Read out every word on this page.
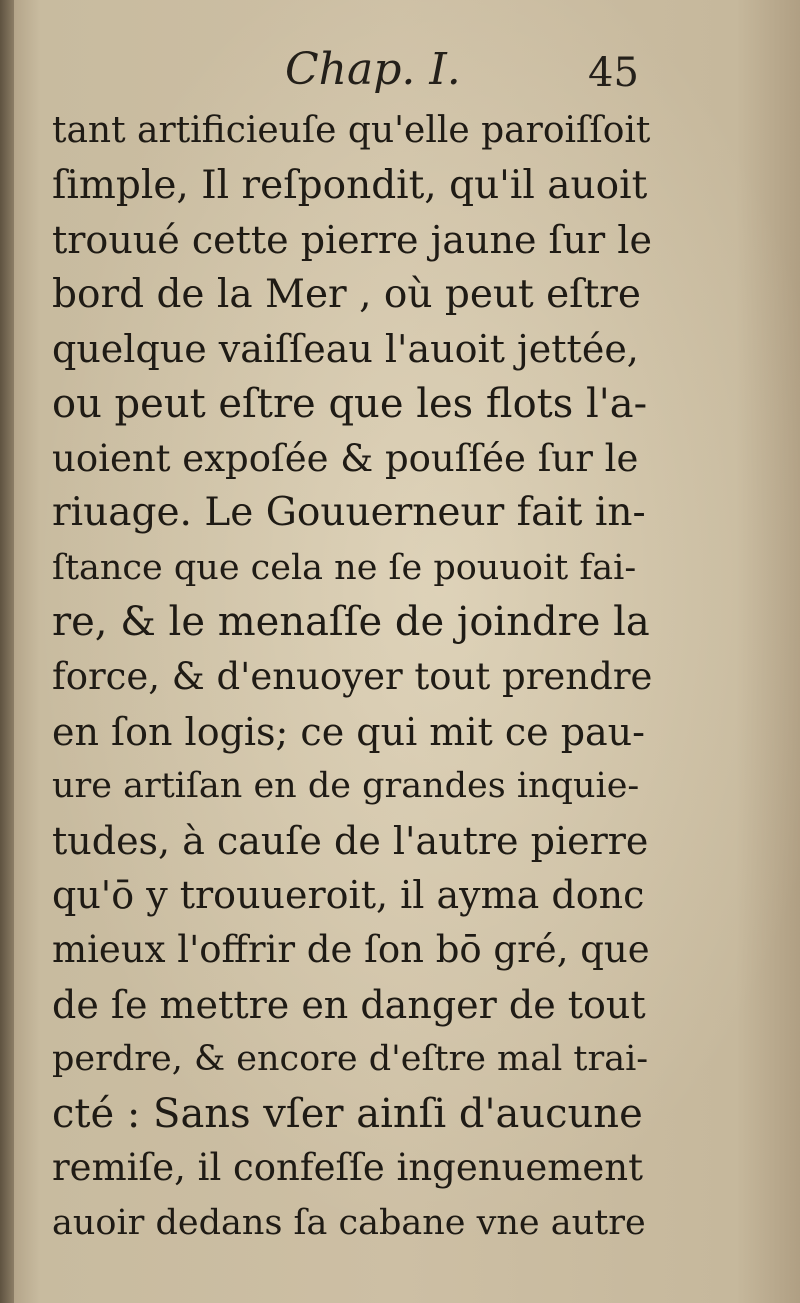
Chap. I.	45
tant artificieuſe qu'elle paroiſſoit
ſimple, Il reſpondit, qu'il auoit
trouué cette pierre jaune ſur le
bord de la Mer , où peut eſtre
quelque vaiſſeau l'auoit jettée,
ou peut eſtre que les flots l'a-
uoient expoſée & pouſſée ſur le
riuage. Le Gouuerneur fait in-
ſtance que cela ne ſe pouuoit fai-
re, & le menaſſe de joindre la
force, & d'enuoyer tout prendre
en ſon logis; ce qui mit ce pau-
ure artiſan en de grandes inquie-
tudes, à cauſe de l'autre pierre
qu'ō y trouueroit, il ayma donc
mieux l'offrir de ſon bō gré, que
de ſe mettre en danger de tout
perdre, & encore d'eſtre mal trai-
cté : Sans vſer ainſi d'aucune
remiſe, il confeſſe ingenuement
auoir dedans ſa cabane vne autre
